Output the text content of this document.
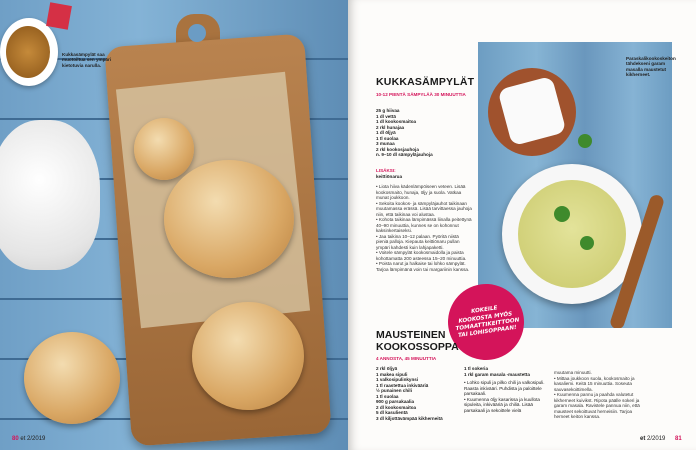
Kukkasämpylät saa muotoiltua sen ympäri kietotuvia narulla.
80 et 2/2019
Paraskalikookoskeiton tähdekseni garam masalla maustetut kikherneet.
KUKKASÄMPYLÄT
10-12 PIENTÄ SÄMPYLÄÄ 30 MINUUTTIA
25 g hiivaa
1 dl vettä
1 dl kookosmaitoa
2 rkl hunajaa
1 dl öljyä
1 tl suolaa
3 munaa
2 rkl kookosjauhoja
n. 9–10 dl sämpyläjauhoja
LISÄKSI:
keittiönarua
• Liota hiiva kädenlämpöiseen veteen. Lisää kookosmaito, hunaja, öljy ja suola. Vatkaa munat joukkoon.
• Sekoita kookos- ja sämpyläjauhot taikinaan muutamassa erässä. Lisää tarvittaessa jauhoja niin, että taikinaa voi alustaa.
• Kohota taikinaa lämpimässä liinalla peitettynä 40–90 minuuttia, kunnes se on kohonnut kaksinkertaiseksi.
• Jaa taikina 10–12 palaan. Pyöritä niistä pieniä palloja. Kiepauta keittiönaru pullan ympäri kahdesti kuin lahjapaketti.
• Voitele sämpylät kookosmaidolla ja paista kohottamatta 200 asteessa 15–20 minuuttia.
• Poista narut ja halkaise tai lohko sämpylät. Tarjoa lämpimänä voin tai margariinin kanssa.
KOKEILE KOOKOSTA MYÖS TOMAATTIKEITTOON TAI LOHISOPPAAN!
MAUSTEINEN
KOOKOSSOPPA
4 ANNOSTA, 45 MINUUTTIA
2 rkl öljyä
1 makea sipuli
1 valkosipulinkynsi
1 tl raastettua inkivääriä
½ punainen chili
1 tl suolaa
900 g parsakaalia
2 dl kookosmaitoa
5 dl kasulientä
3 dl kiljottävämpää kikherneitä
1 tl sokeria
1 rkl garam masala -maustetta
• Lohko sipuli ja pilko chili ja valkosipuli. Raasta inkivääri. Puhdista ja paloittele parsakaali.
• Kuumenna öljy kasarissa ja kuullota sipuleita, inkivääriä ja chiliä. Lisää parsakaali ja sekoittele vielä
muutama minuutti.
• Mittaa joukkoon suola, kookosmaito ja kasaliemi. Keitä 15 minuuttia. Soseuta sauvasekoittimella.
• Kuumenna pannu ja paahda valutetut kikherneet kuivikst. Ripota päälle sokeri ja garam masala. Ravistele pannua niin, että mausteet sekoittuvat herneisiin. Tarjoa herneet keiton kanssa.
et 2/2019 81
